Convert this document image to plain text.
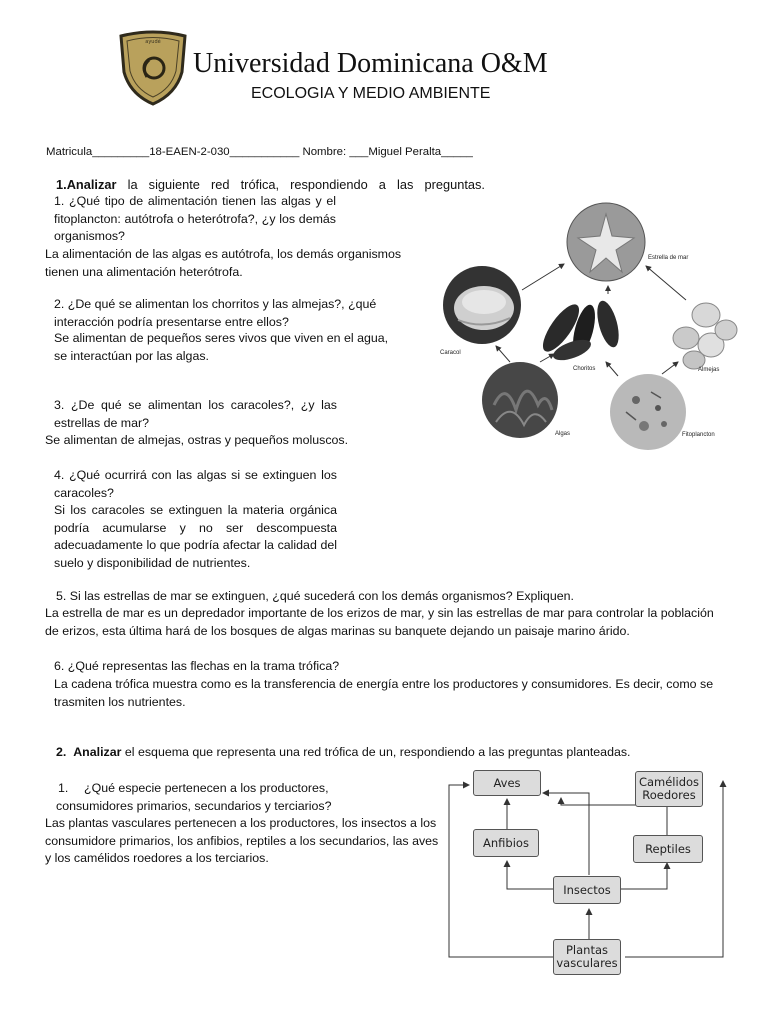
ayudé
Universidad Dominicana O&M
ECOLOGIA Y MEDIO AMBIENTE
Matricula_________18-EAEN-2-030___________ Nombre: ___Miguel Peralta_____
1.Analizar la siguiente red trófica, respondiendo a las preguntas.
1. ¿Qué tipo de alimentación tienen las algas y el fitoplancton: autótrofa o heterótrofa?, ¿y los demás organismos?
La alimentación de las algas es autótrofa, los demás organismos tienen una alimentación heterótrofa.
2. ¿De qué se alimentan los chorritos y las almejas?, ¿qué interacción podría presentarse entre ellos?
Se alimentan de pequeños seres vivos que viven en el agua, se interactúan por las algas.
3. ¿De qué se alimentan los caracoles?, ¿y las estrellas de mar?
Se alimentan de almejas, ostras y pequeños moluscos.
4. ¿Qué ocurrirá con las algas si se extinguen los caracoles?
Si los caracoles se extinguen la materia orgánica podría acumularse y no ser descompuesta adecuadamente lo que podría afectar la calidad del suelo y disponibilidad de nutrientes.
5. Si las estrellas de mar se extinguen, ¿qué sucederá con los demás organismos? Expliquen.
La estrella de mar es un depredador importante de los erizos de mar, y sin las estrellas de mar para controlar la población de erizos, esta última hará de los bosques de algas marinas su banquete dejando un paisaje marino árido.
6. ¿Qué representas las flechas en la trama trófica?
La cadena trófica muestra como es la transferencia de energía entre los productores y consumidores. Es decir, como se trasmiten los nutrientes.
Estrella de mar
Caracol
Choritos	Almejas
Algas	Fitoplancton
2. Analizar el esquema que representa una red trófica de un, respondiendo a las preguntas planteadas.
1.	¿Qué especie pertenecen a los productores, consumidores primarios, secundarios y terciarios?
Las plantas vasculares pertenecen a los productores, los insectos a los consumidore primarios, los anfibios, reptiles a los secundarios, las aves y los camélidos roedores a los terciarios.
Aves	Camélidos
Roedores
Anfibios	Reptiles
Insectos
Plantas
vasculares
